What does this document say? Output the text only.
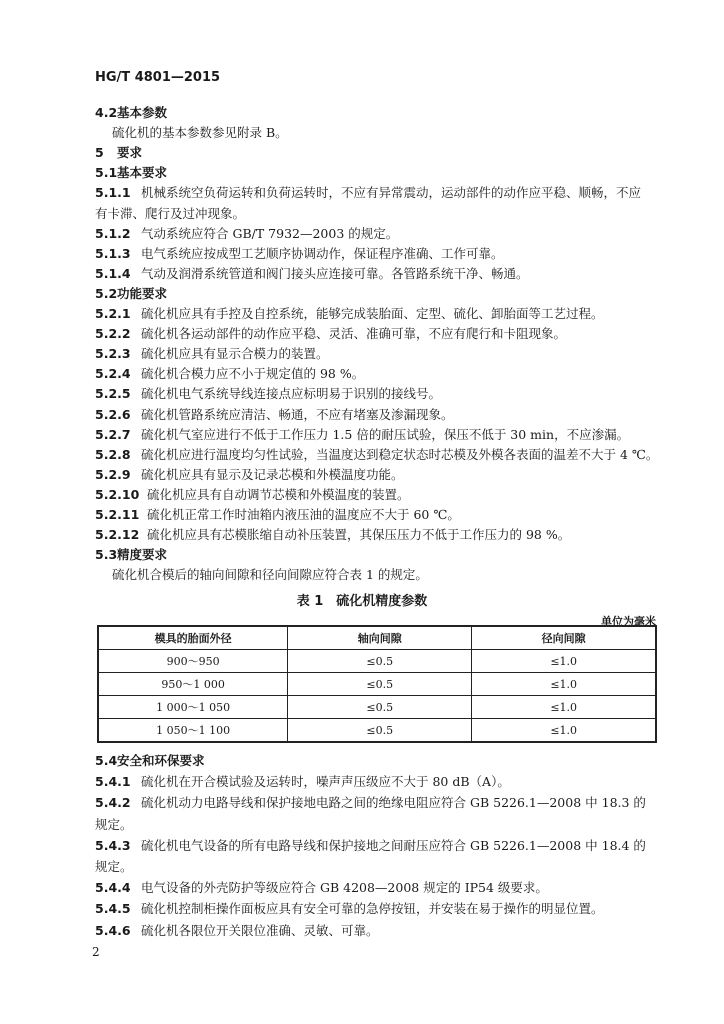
HG/T 4801—2015
4.2基本参数
硫化机的基本参数参见附录 B。
5 要求
5.1基本要求
5.1.1 机械系统空负荷运转和负荷运转时，不应有异常震动，运动部件的动作应平稳、顺畅，不应
有卡滞、爬行及过冲现象。
5.1.2 气动系统应符合 GB/T 7932—2003 的规定。
5.1.3 电气系统应按成型工艺顺序协调动作，保证程序准确、工作可靠。
5.1.4 气动及润滑系统管道和阀门接头应连接可靠。各管路系统干净、畅通。
5.2功能要求
5.2.1 硫化机应具有手控及自控系统，能够完成装胎面、定型、硫化、卸胎面等工艺过程。
5.2.2 硫化机各运动部件的动作应平稳、灵活、准确可靠，不应有爬行和卡阻现象。
5.2.3 硫化机应具有显示合模力的装置。
5.2.4 硫化机合模力应不小于规定值的 98 %。
5.2.5 硫化机电气系统导线连接点应标明易于识别的接线号。
5.2.6 硫化机管路系统应清洁、畅通，不应有堵塞及渗漏现象。
5.2.7 硫化机气室应进行不低于工作压力 1.5 倍的耐压试验，保压不低于 30 min，不应渗漏。
5.2.8 硫化机应进行温度均匀性试验，当温度达到稳定状态时芯模及外模各表面的温差不大于 4 ℃。
5.2.9 硫化机应具有显示及记录芯模和外模温度功能。
5.2.10 硫化机应具有自动调节芯模和外模温度的装置。
5.2.11 硫化机正常工作时油箱内液压油的温度应不大于 60 ℃。
5.2.12 硫化机应具有芯模胀缩自动补压装置，其保压压力不低于工作压力的 98 %。
5.3精度要求
硫化机合模后的轴向间隙和径向间隙应符合表 1 的规定。
表 1　硫化机精度参数
单位为毫米
模具的胎面外径	轴向间隙	径向间隙
900～950	≤0.5	≤1.0
950～1 000	≤0.5	≤1.0
1 000～1 050	≤0.5	≤1.0
1 050～1 100	≤0.5	≤1.0
5.4安全和环保要求
5.4.1 硫化机在开合模试验及运转时，噪声声压级应不大于 80 dB（A）。
5.4.2 硫化机动力电路导线和保护接地电路之间的绝缘电阻应符合 GB 5226.1—2008 中 18.3 的
规定。
5.4.3 硫化机电气设备的所有电路导线和保护接地之间耐压应符合 GB 5226.1—2008 中 18.4 的
规定。
5.4.4 电气设备的外壳防护等级应符合 GB 4208—2008 规定的 IP54 级要求。
5.4.5 硫化机控制柜操作面板应具有安全可靠的急停按钮，并安装在易于操作的明显位置。
5.4.6 硫化机各限位开关限位准确、灵敏、可靠。
2
